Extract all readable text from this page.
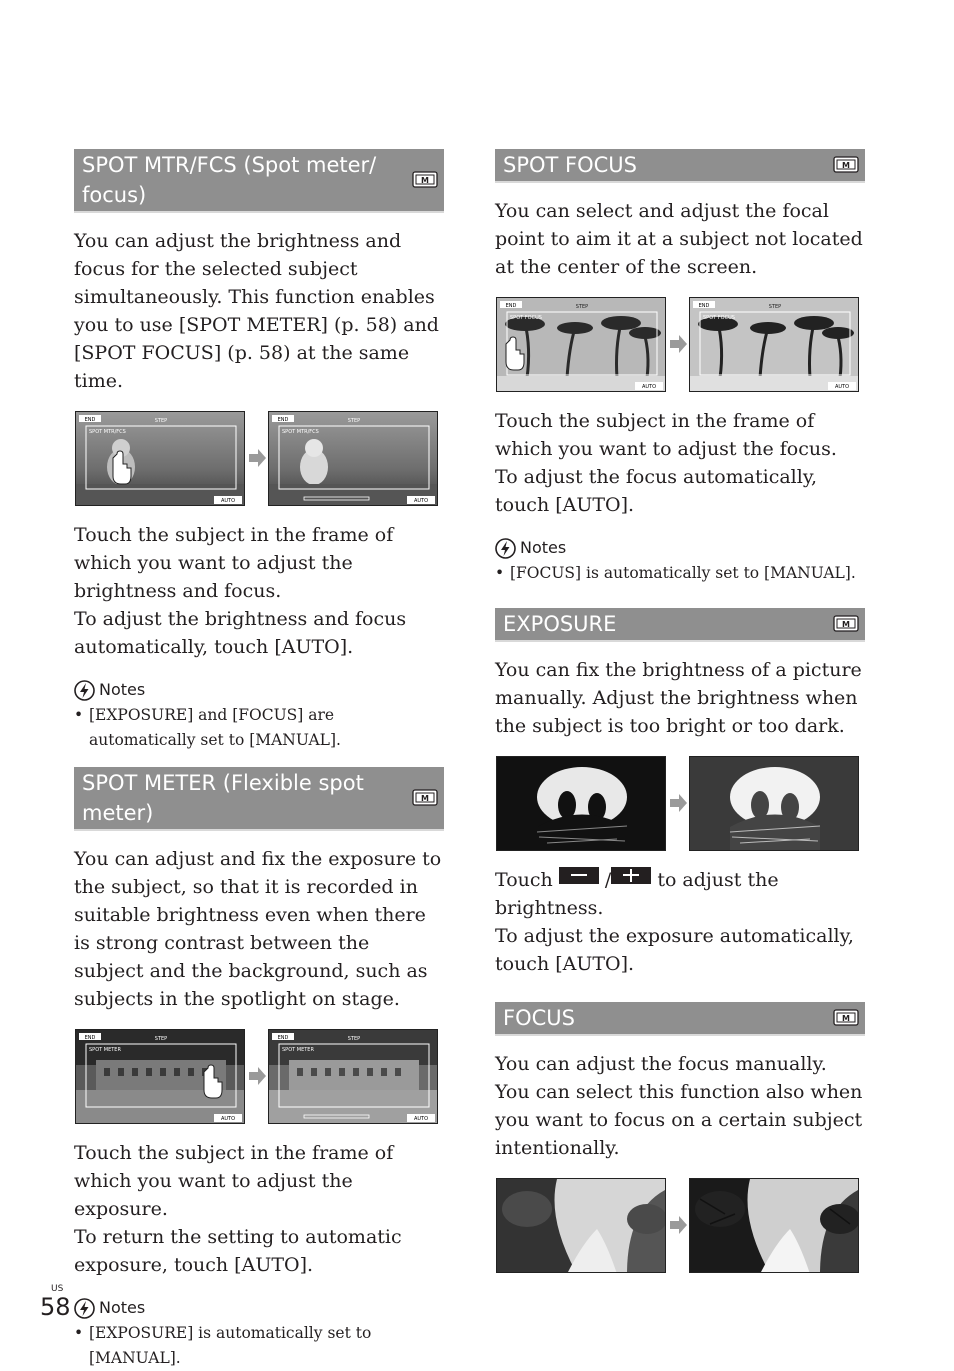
SPOT MTR/FCS (Spot meter/ focus)
M
You can adjust the brightness and focus for the selected subject simultaneously. This function enables you to use [SPOT METER] (p. 58) and [SPOT FOCUS] (p. 58) at the same time.
END	STEP
SPOT MTR/FCS
AUTO
END	STEP
SPOT MTR/FCS
AUTO

Touch the subject in the frame of which you want to adjust the brightness and focus.

To adjust the brightness and focus automatically, touch [AUTO].

Notes
• [EXPOSURE] and [FOCUS] are automatically set to [MANUAL].
SPOT METER (Flexible spot meter)
M
You can adjust and fix the exposure to the subject, so that it is recorded in suitable brightness even when there is strong contrast between the subject and the background, such as subjects in the spotlight on stage.
END	STEP
SPOT METER
AUTO
END	STEP
SPOT METER
AUTO

Touch the subject in the frame of which you want to adjust the exposure.

To return the setting to automatic exposure, touch [AUTO].

Notes
• [EXPOSURE] is automatically set to [MANUAL].
SPOT FOCUS	M
You can select and adjust the focal point to aim it at a subject not located at the center of the screen.
END	STEP
SPOT FOCUS
AUTO
END	STEP
SPOT FOCUS
AUTO

Touch the subject in the frame of which you want to adjust the focus.

To adjust the focus automatically, touch [AUTO].

Notes
• [FOCUS] is automatically set to [MANUAL].
EXPOSURE	M
You can fix the brightness of a picture manually. Adjust the brightness when the subject is too bright or too dark.

Touch	/ to adjust the brightness.

To adjust the exposure automatically, touch [AUTO].

FOCUS	M
You can adjust the focus manually. You can select this function also when you want to focus on a certain subject intentionally.
US
58
